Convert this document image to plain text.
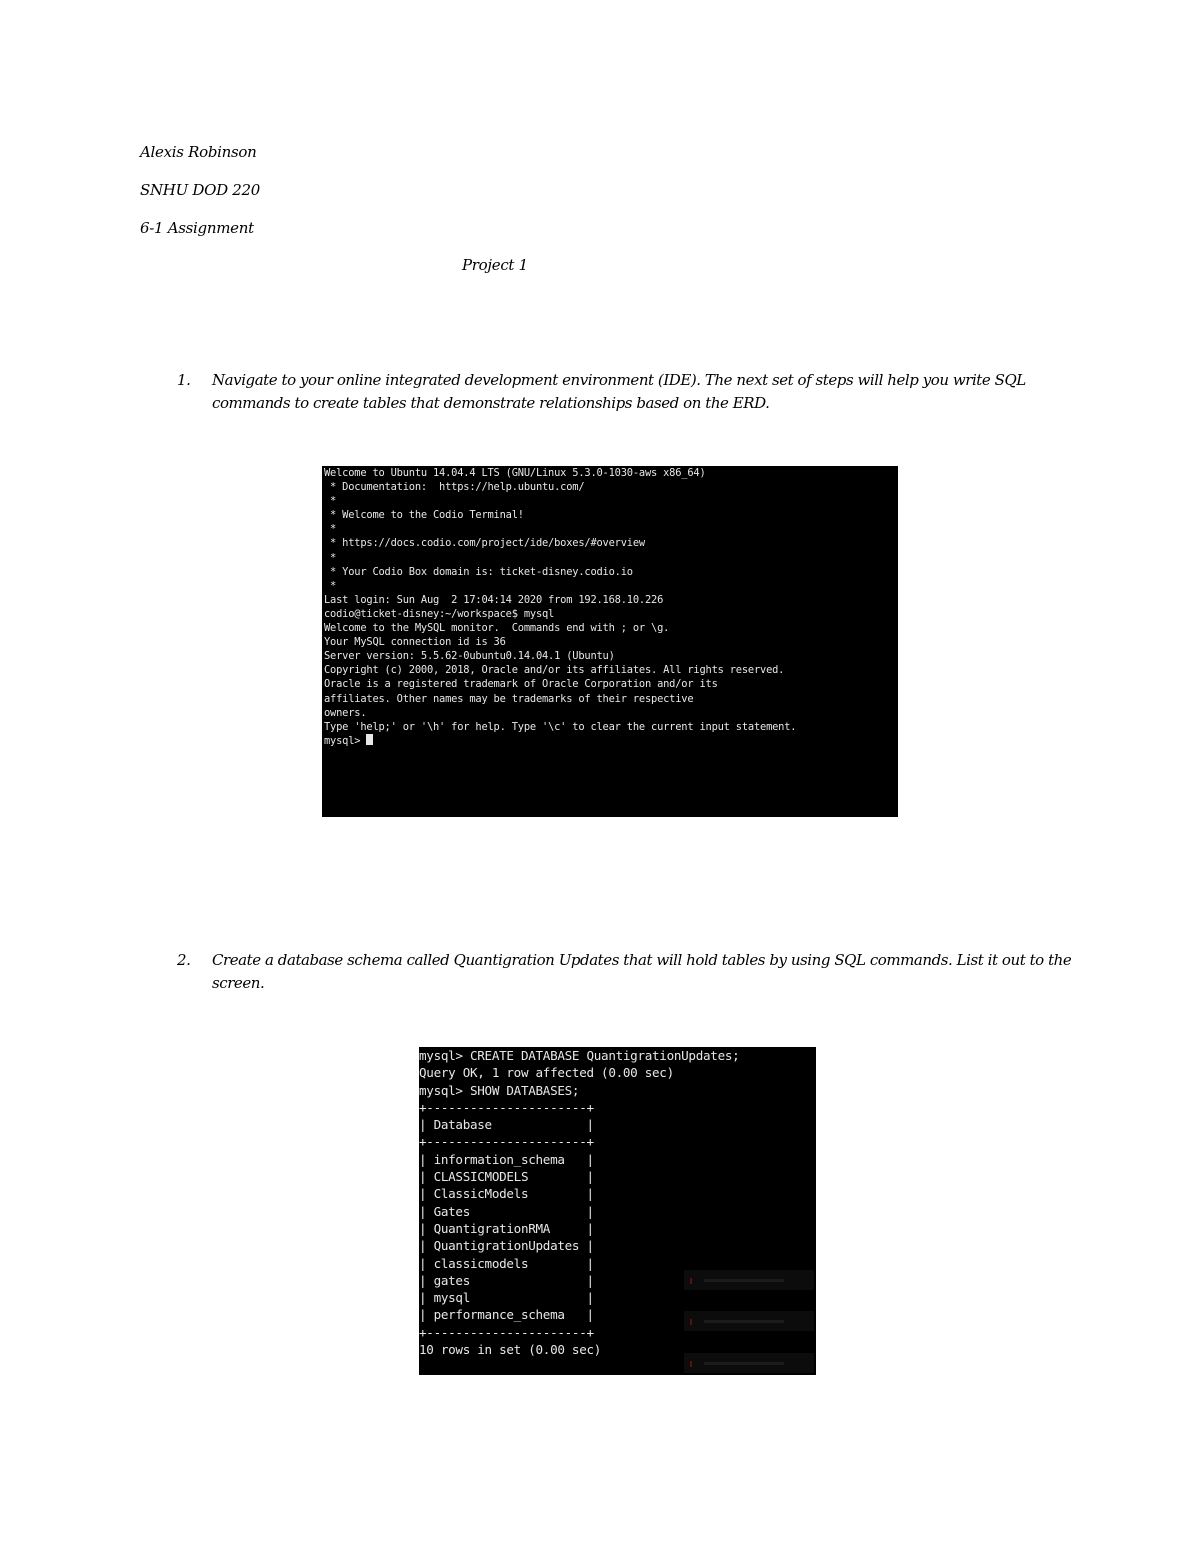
Alexis Robinson
SNHU DOD 220
6-1 Assignment
Project 1
1. Navigate to your online integrated development environment (IDE). The next set of steps will help you write SQL commands to create tables that demonstrate relationships based on the ERD.
Welcome to Ubuntu 14.04.4 LTS (GNU/Linux 5.3.0-1030-aws x86_64)
* Documentation:  https://help.ubuntu.com/
*
* Welcome to the Codio Terminal!
*
* https://docs.codio.com/project/ide/boxes/#overview
*
* Your Codio Box domain is: ticket-disney.codio.io
*
Last login: Sun Aug  2 17:04:14 2020 from 192.168.10.226
codio@ticket-disney:~/workspace$ mysql
Welcome to the MySQL monitor.  Commands end with ; or \g.
Your MySQL connection id is 36
Server version: 5.5.62-0ubuntu0.14.04.1 (Ubuntu)
Copyright (c) 2000, 2018, Oracle and/or its affiliates. All rights reserved.
Oracle is a registered trademark of Oracle Corporation and/or its
affiliates. Other names may be trademarks of their respective
owners.
Type 'help;' or '\h' for help. Type '\c' to clear the current input statement.
mysql>
2. Create a database schema called Quantigration Updates that will hold tables by using SQL commands. List it out to the screen.
mysql> CREATE DATABASE QuantigrationUpdates;
Query OK, 1 row affected (0.00 sec)
mysql> SHOW DATABASES;
+----------------------+
| Database             |
+----------------------+
| information_schema   |
| CLASSICMODELS        |
| ClassicModels        |
| Gates                |
| QuantigrationRMA     |
| QuantigrationUpdates |
| classicmodels        |
| gates                |
| mysql                |
| performance_schema   |
+----------------------+
10 rows in set (0.00 sec)
